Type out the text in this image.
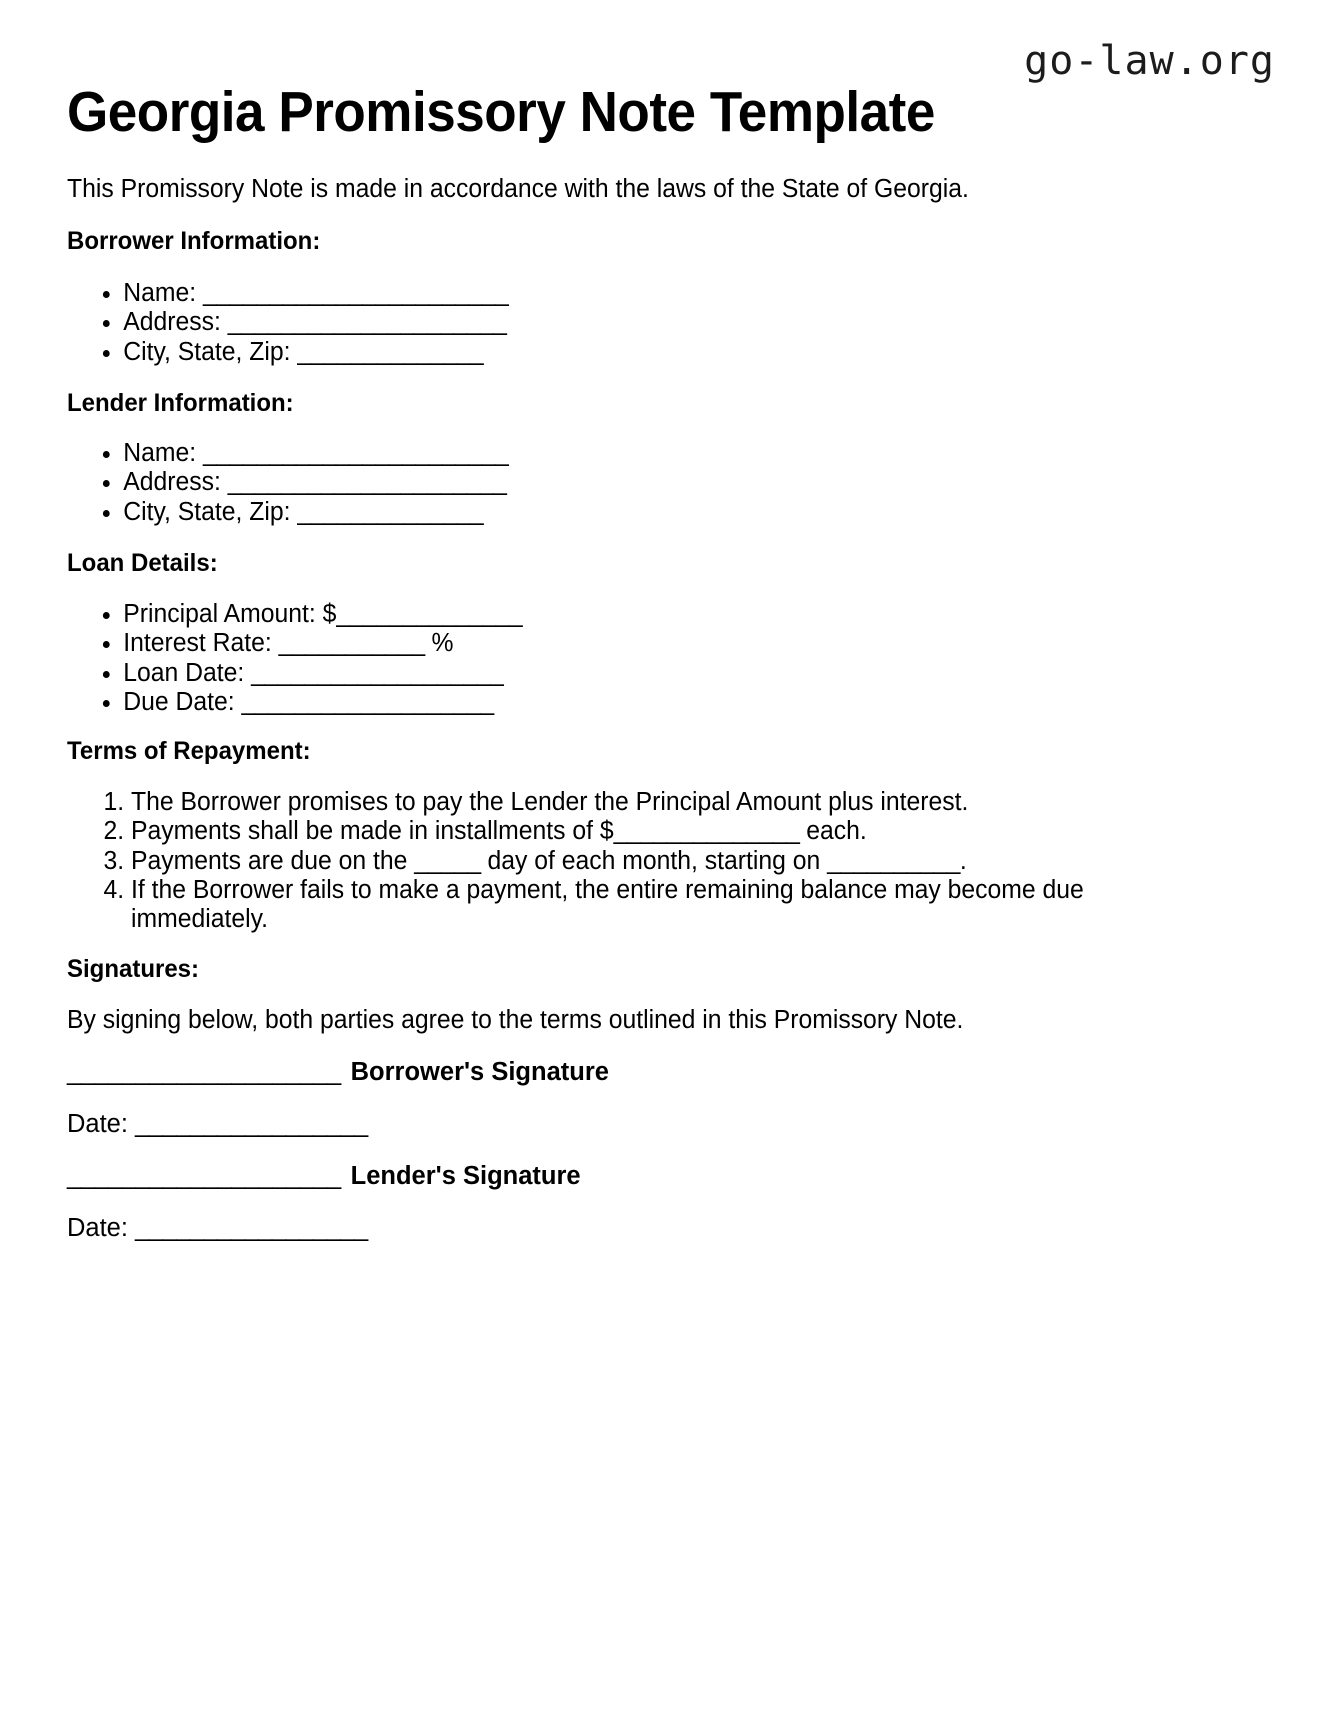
go-law.org
Georgia Promissory Note Template
This Promissory Note is made in accordance with the laws of the State of Georgia.
Borrower Information:
• Name: _______________________
• Address: _____________________
• City, State, Zip: ______________
Lender Information:
• Name: _______________________
• Address: _____________________
• City, State, Zip: ______________
Loan Details:
• Principal Amount: $______________
• Interest Rate: ___________ %
• Loan Date: ___________________
• Due Date: ___________________
Terms of Repayment:
1. The Borrower promises to pay the Lender the Principal Amount plus interest.
2. Payments shall be made in installments of $______________ each.
3. Payments are due on the _____ day of each month, starting on __________.
4. If the Borrower fails to make a payment, the entire remaining balance may become due immediately.
Signatures:
By signing below, both parties agree to the terms outlined in this Promissory Note.
____________________ Borrower's Signature
Date: _________________
____________________ Lender's Signature
Date: _________________
